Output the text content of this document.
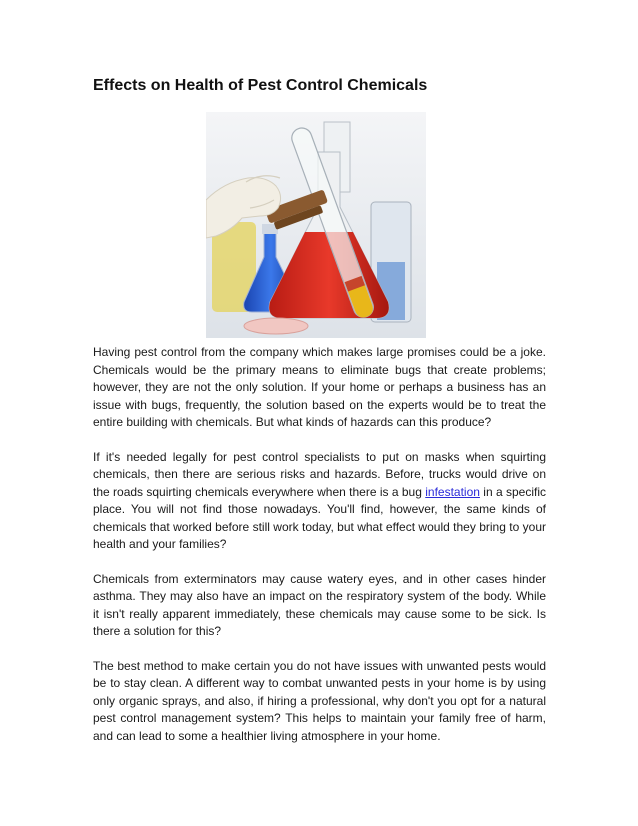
Effects on Health of Pest Control Chemicals

Having pest control from the company which makes large promises could be a joke. Chemicals would be the primary means to eliminate bugs that create problems; however, they are not the only solution. If your home or perhaps a business has an issue with bugs, frequently, the solution based on the experts would be to treat the entire building with chemicals. But what kinds of hazards can this produce?

If it's needed legally for pest control specialists to put on masks when squirting chemicals, then there are serious risks and hazards. Before, trucks would drive on the roads squirting chemicals everywhere when there is a bug infestation in a specific place. You will not find those nowadays. You'll find, however, the same kinds of chemicals that worked before still work today, but what effect would they bring to your health and your families?

Chemicals from exterminators may cause watery eyes, and in other cases hinder asthma. They may also have an impact on the respiratory system of the body. While it isn't really apparent immediately, these chemicals may cause some to be sick. Is there a solution for this?

The best method to make certain you do not have issues with unwanted pests would be to stay clean. A different way to combat unwanted pests in your home is by using only organic sprays, and also, if hiring a professional, why don't you opt for a natural pest control management system? This helps to maintain your family free of harm, and can lead to some a healthier living atmosphere in your home.
